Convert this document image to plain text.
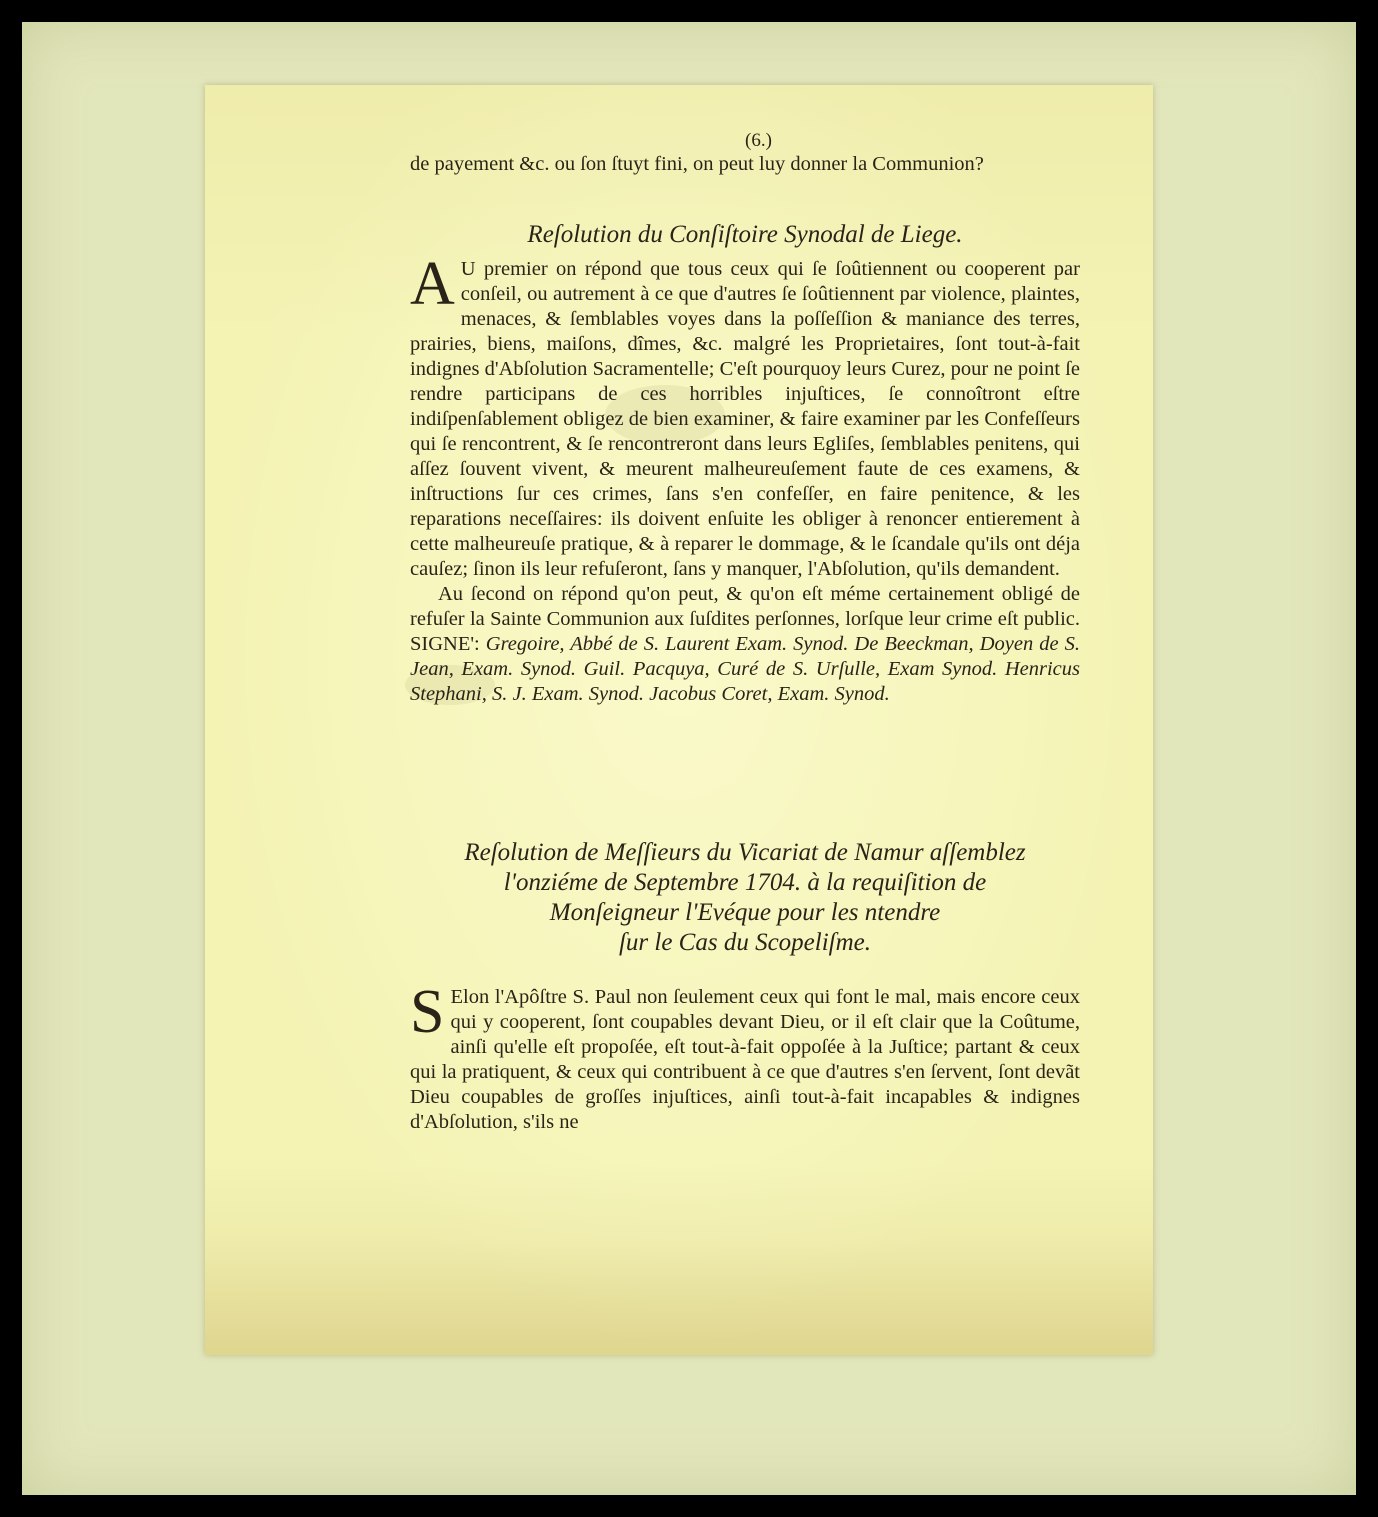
(6.)
de payement &c. ou ſon ſtuyt fini, on peut luy donner la Communion?
Reſolution du Conſiſtoire Synodal de Liege.

A U premier on répond que tous ceux qui ſe ſoûtiennent ou cooperent par conſeil, ou autrement à ce que d'autres ſe ſoûtiennent par violence, plaintes, menaces, & ſemblables voyes dans la poſſeſſion & maniance des terres, prairies, biens, maiſons, dîmes, &c. malgré les Proprietaires, ſont tout-à-fait indignes d'Abſolution Sacramentelle; C'eſt pourquoy leurs Curez, pour ne point ſe rendre participans de ces horribles injuſtices, ſe connoîtront eſtre indiſpenſablement obligez de bien examiner, & faire examiner par les Confeſſeurs qui ſe rencontrent, & ſe rencontreront dans leurs Egliſes, ſemblables penitens, qui aſſez ſouvent vivent, & meurent malheureuſement faute de ces examens, & inſtructions ſur ces crimes, ſans s'en confeſſer, en faire penitence, & les reparations neceſſaires: ils doivent enſuite les obliger à renoncer entierement à cette malheureuſe pratique, & à reparer le dommage, & le ſcandale qu'ils ont déja cauſez; ſinon ils leur refuſeront, ſans y manquer, l'Abſolution, qu'ils demandent.

Au ſecond on répond qu'on peut, & qu'on eſt méme certainement obligé de refuſer la Sainte Communion aux ſuſdites perſonnes, lorſque leur crime eſt public. SIGNE': Gregoire, Abbé de S. Laurent Exam. Synod. De Beeckman, Doyen de S. Jean, Exam. Synod. Guil. Pacquya, Curé de S. Urſulle, Exam Synod. Henricus Stephani, S. J. Exam. Synod. Jacobus Coret, Exam. Synod.

Reſolution de Meſſieurs du Vicariat de Namur aſſemblez
l'onziéme de Septembre 1704. à la requiſition de
Monſeigneur l'Evéque pour les ntendre
ſur le Cas du Scopeliſme.

S Elon l'Apôſtre S. Paul non ſeulement ceux qui font le mal, mais encore ceux qui y cooperent, ſont coupables devant Dieu, or il eſt clair que la Coûtume, ainſi qu'elle eſt propoſée, eſt tout-à-fait oppoſée à la Juſtice; partant & ceux qui la pratiquent, & ceux qui contribuent à ce que d'autres s'en ſervent, ſont devãt Dieu coupables de groſſes injuſtices, ainſi tout-à-fait incapables & indignes d'Abſolution, s'ils ne
